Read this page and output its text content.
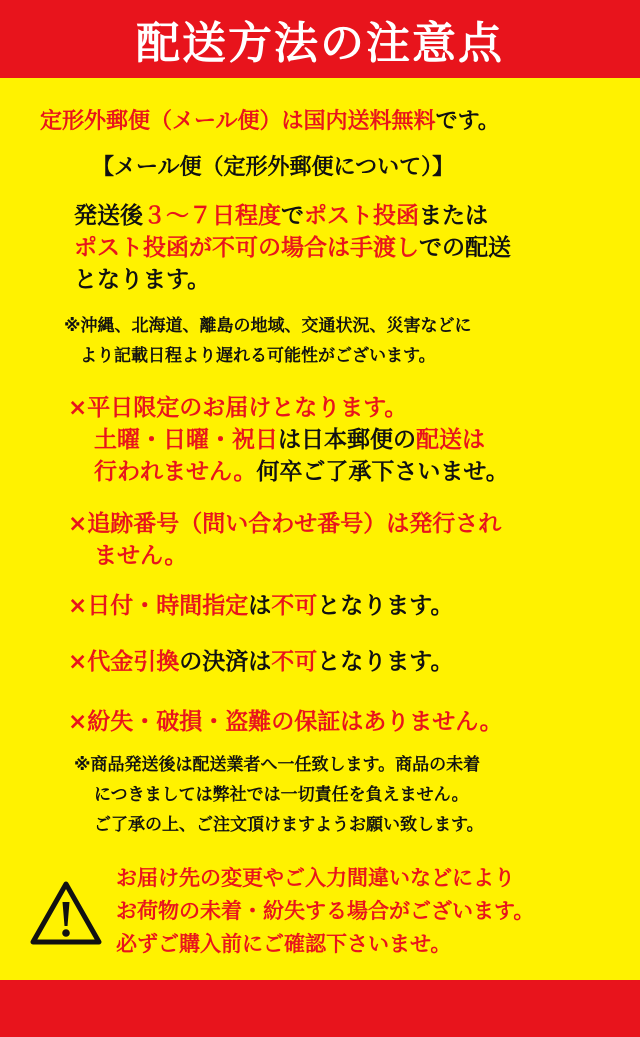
配送方法の注意点
定形外郵便（メール便）は国内送料無料です。
【メール便（定形外郵便について）】
発送後３～７日程度でポスト投函または
ポスト投函が不可の場合は手渡しでの配送
となります。
※沖縄、北海道、離島の地域、交通状況、災害などに
より記載日程より遅れる可能性がございます。
×平日限定のお届けとなります。
土曜・日曜・祝日は日本郵便の配送は
行われません。何卒ご了承下さいませ。
×追跡番号（問い合わせ番号）は発行され
ません。
×日付・時間指定は不可となります。
×代金引換の決済は不可となります。
×紛失・破損・盗難の保証はありません。
※商品発送後は配送業者へ一任致します。商品の未着
につきましては弊社では一切責任を負えません。
ご了承の上、ご注文頂けますようお願い致します。
お届け先の変更やご入力間違いなどにより
お荷物の未着・紛失する場合がございます。
必ずご購入前にご確認下さいませ。
